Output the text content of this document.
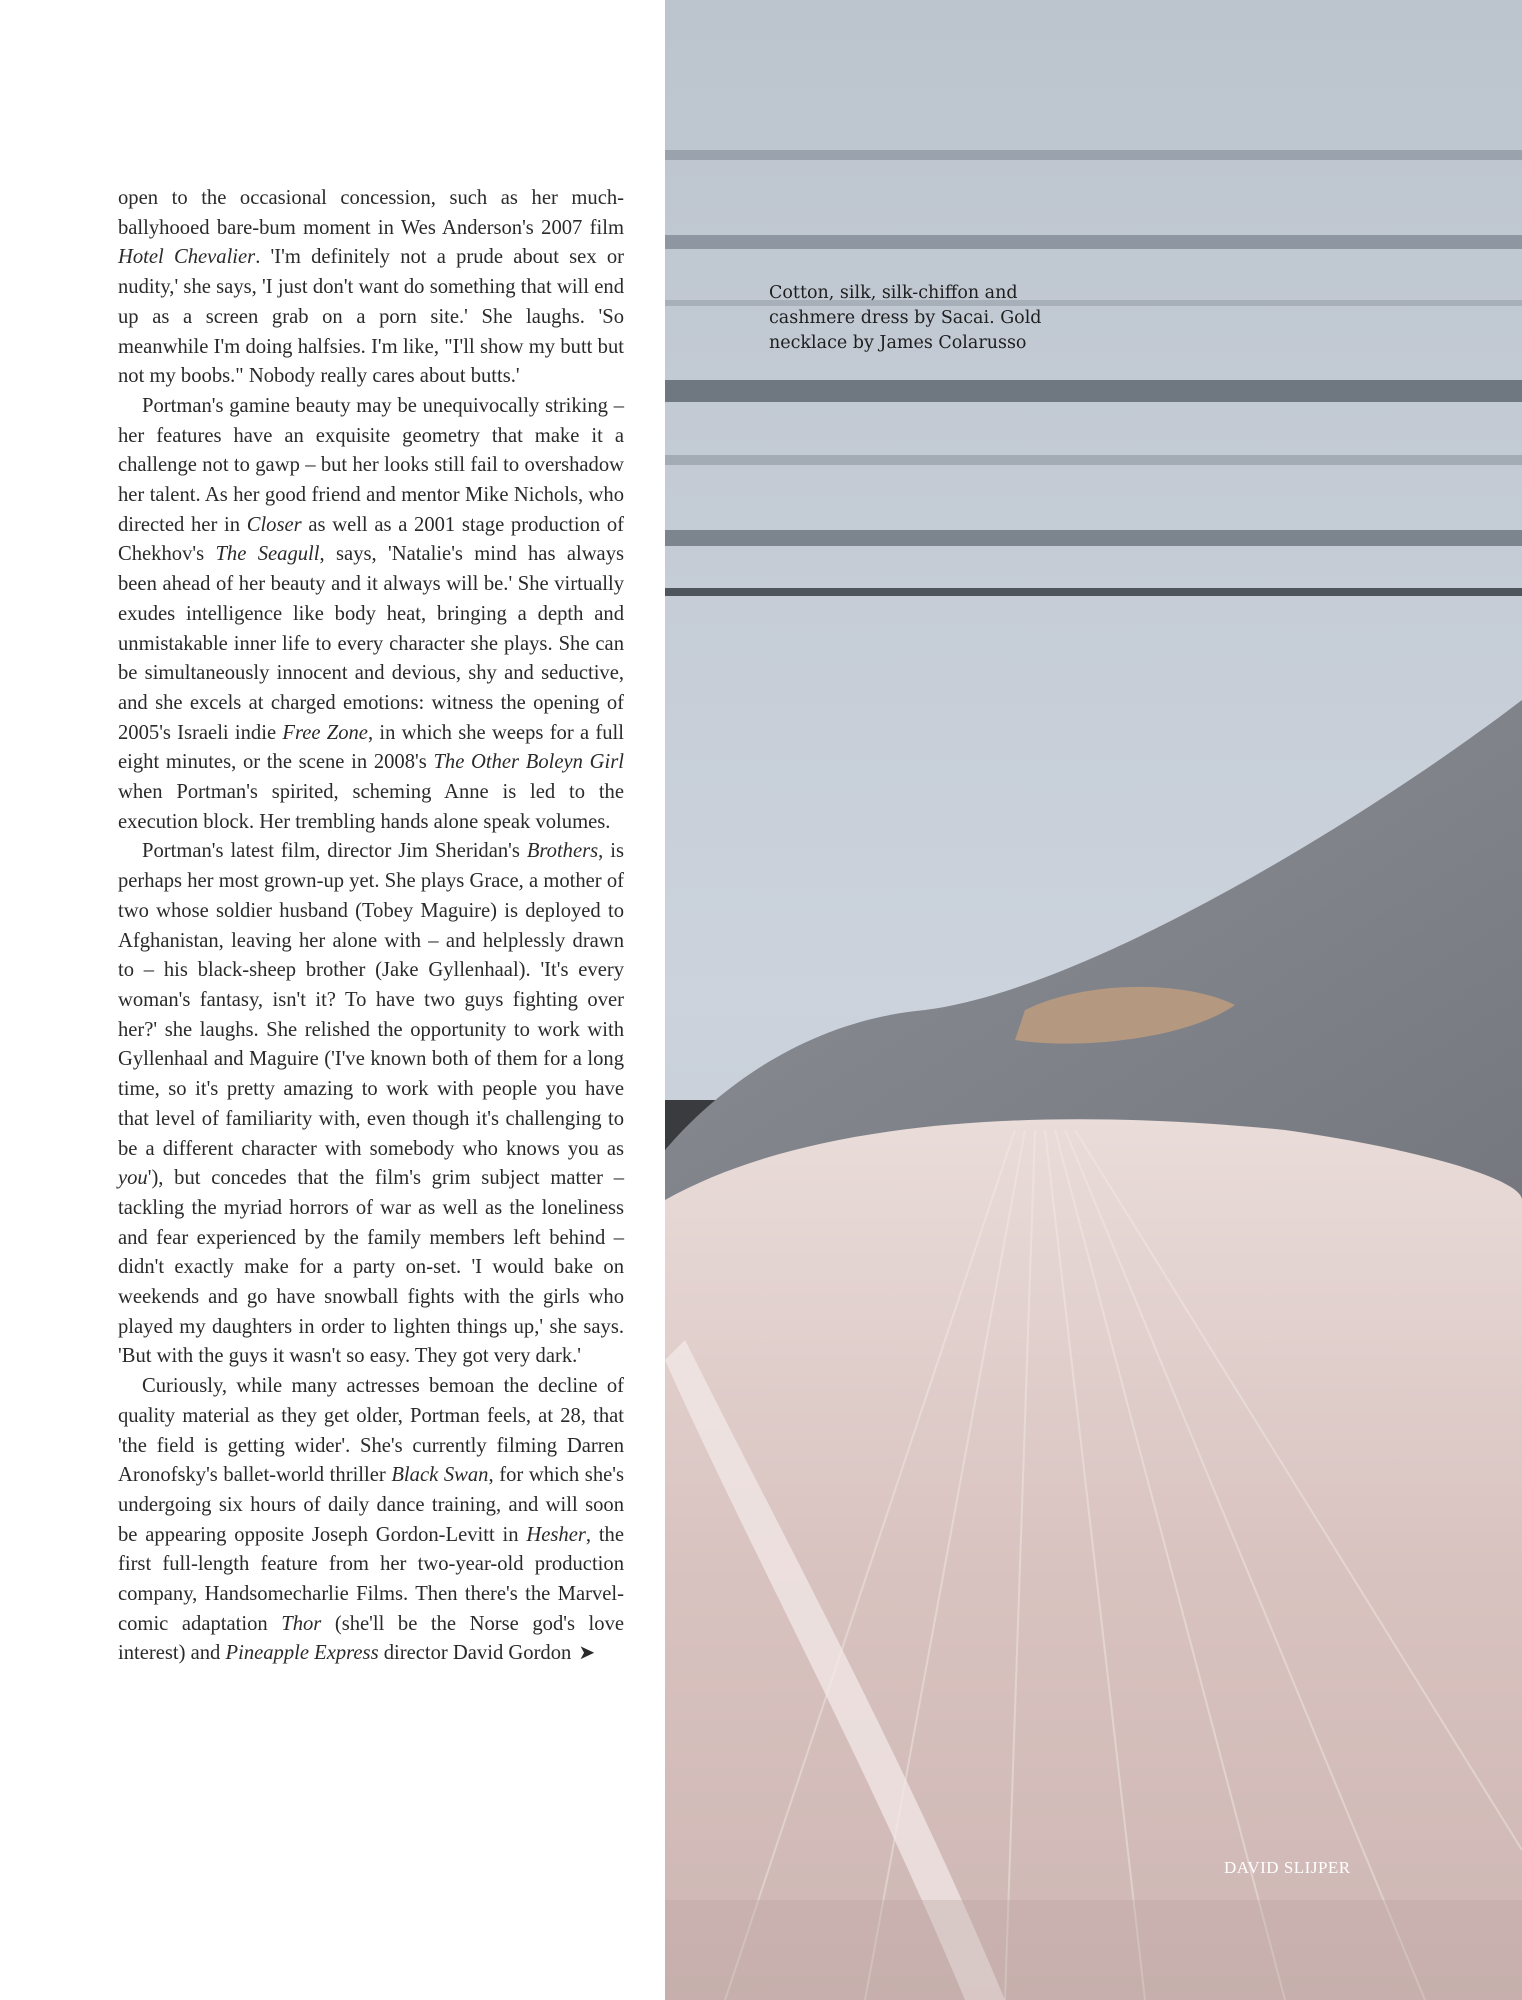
open to the occasional concession, such as her much-ballyhooed bare-bum moment in Wes Anderson's 2007 film Hotel Chevalier. 'I'm definitely not a prude about sex or nudity,' she says, 'I just don't want do something that will end up as a screen grab on a porn site.' She laughs. 'So meanwhile I'm doing halfsies. I'm like, "I'll show my butt but not my boobs." Nobody really cares about butts.'

Portman's gamine beauty may be unequivocally striking – her features have an exquisite geometry that make it a challenge not to gawp – but her looks still fail to overshadow her talent. As her good friend and mentor Mike Nichols, who directed her in Closer as well as a 2001 stage production of Chekhov's The Seagull, says, 'Natalie's mind has always been ahead of her beauty and it always will be.' She virtually exudes intelligence like body heat, bringing a depth and unmistakable inner life to every character she plays. She can be simultaneously innocent and devious, shy and seductive, and she excels at charged emotions: witness the opening of 2005's Israeli indie Free Zone, in which she weeps for a full eight minutes, or the scene in 2008's The Other Boleyn Girl when Portman's spirited, scheming Anne is led to the execution block. Her trembling hands alone speak volumes.

Portman's latest film, director Jim Sheridan's Brothers, is perhaps her most grown-up yet. She plays Grace, a mother of two whose soldier husband (Tobey Maguire) is deployed to Afghanistan, leaving her alone with – and helplessly drawn to – his black-sheep brother (Jake Gyllenhaal). 'It's every woman's fantasy, isn't it? To have two guys fighting over her?' she laughs. She relished the opportunity to work with Gyllenhaal and Maguire ('I've known both of them for a long time, so it's pretty amazing to work with people you have that level of familiarity with, even though it's challenging to be a different character with somebody who knows you as you'), but concedes that the film's grim subject matter – tackling the myriad horrors of war as well as the loneliness and fear experienced by the family members left behind – didn't exactly make for a party on-set. 'I would bake on weekends and go have snowball fights with the girls who played my daughters in order to lighten things up,' she says. 'But with the guys it wasn't so easy. They got very dark.'

Curiously, while many actresses bemoan the decline of quality material as they get older, Portman feels, at 28, that 'the field is getting wider'. She's currently filming Darren Aronofsky's ballet-world thriller Black Swan, for which she's undergoing six hours of daily dance training, and will soon be appearing opposite Joseph Gordon-Levitt in Hesher, the first full-length feature from her two-year-old production company, Handsomecharlie Films. Then there's the Marvel-comic adaptation Thor (she'll be the Norse god's love interest) and Pineapple Express director David Gordon ➤

Cotton, silk, silk-chiffon and cashmere dress by Sacai. Gold necklace by James Colarusso
DAVID SLIJPER
